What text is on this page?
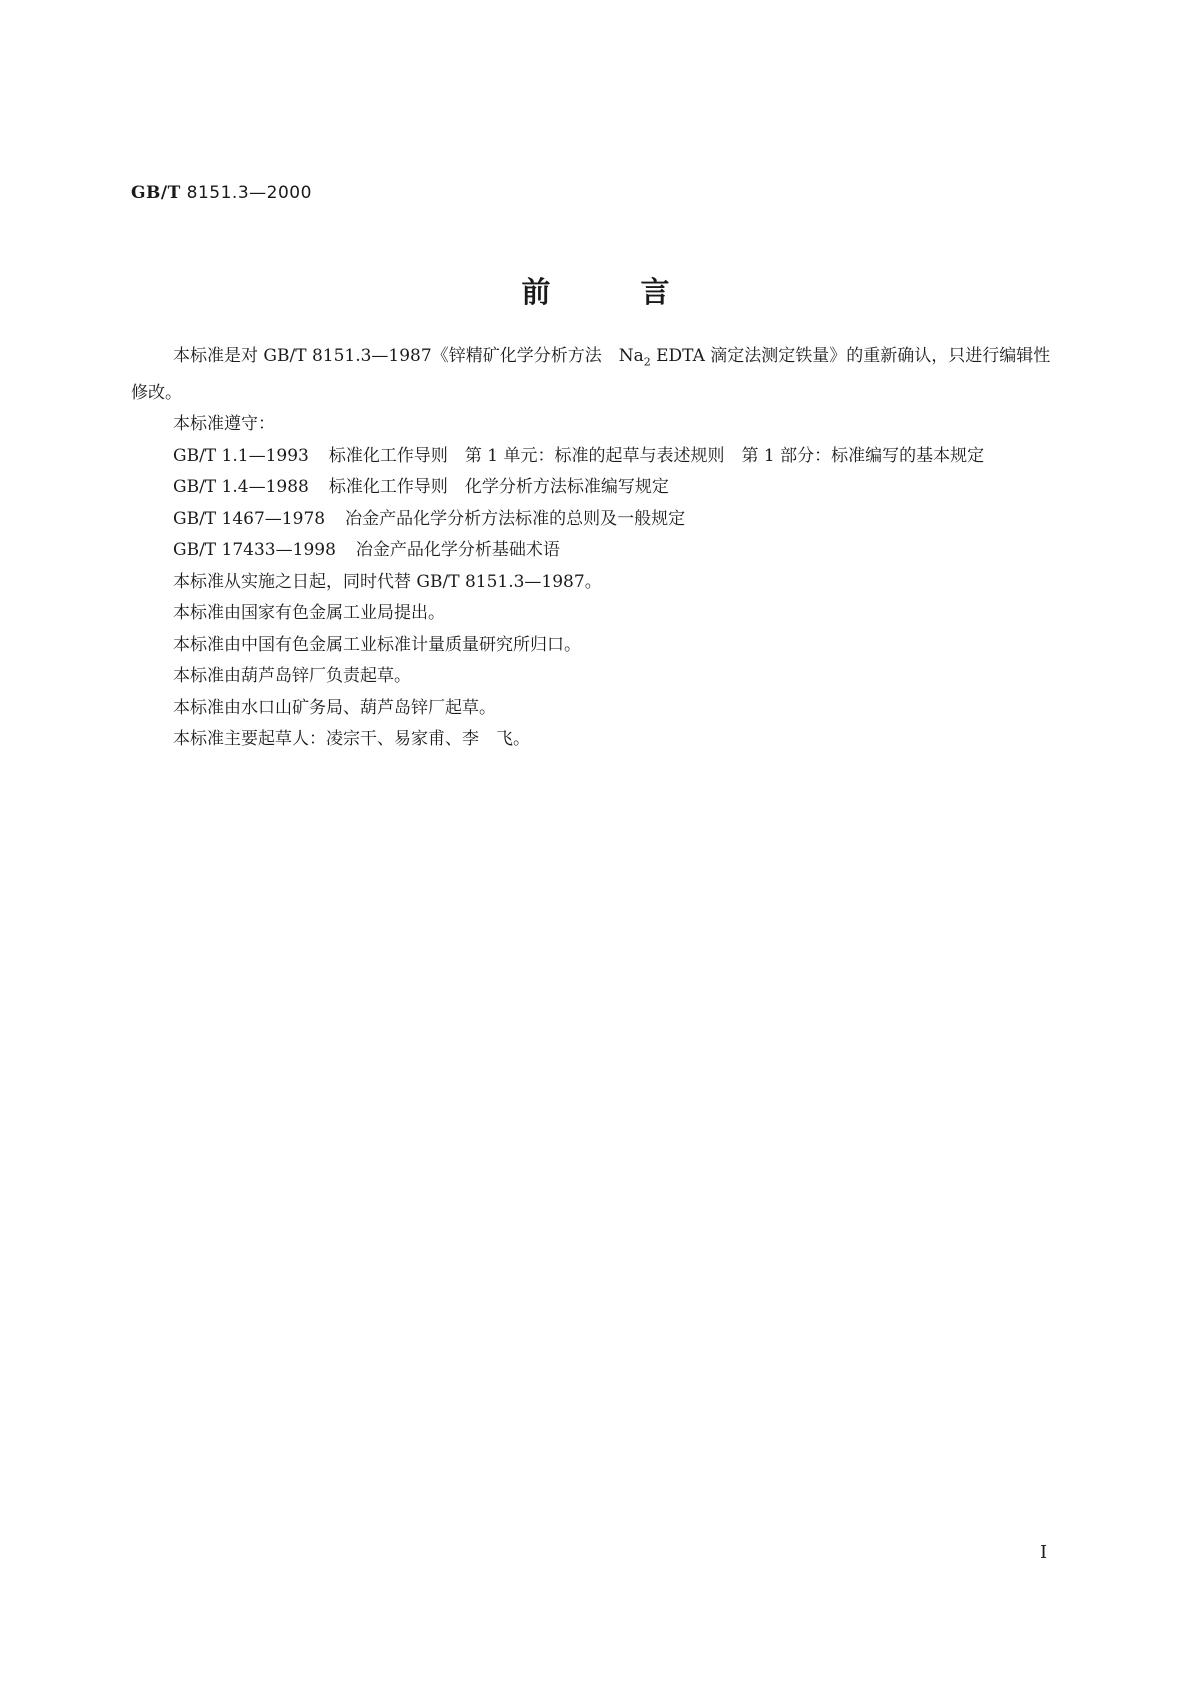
GB/T 8151.3—2000
前言

本标准是对 GB/T 8151.3—1987《锌精矿化学分析方法　$Na_2$ EDTA 滴定法测定铁量》的重新确认，只进行编辑性修改。

本标准遵守：

GB/T 1.1—1993	标准化工作导则　第 1 单元：标准的起草与表述规则　第 1 部分：标准编写的基本规定
GB/T 1.4—1988	标准化工作导则　化学分析方法标准编写规定
GB/T 1467—1978	冶金产品化学分析方法标准的总则及一般规定
GB/T 17433—1998	冶金产品化学分析基础术语

本标准从实施之日起，同时代替 GB/T 8151.3—1987。

本标准由国家有色金属工业局提出。

本标准由中国有色金属工业标准计量质量研究所归口。

本标准由葫芦岛锌厂负责起草。

本标准由水口山矿务局、葫芦岛锌厂起草。

本标准主要起草人：凌宗干、易家甫、李　飞。

I
